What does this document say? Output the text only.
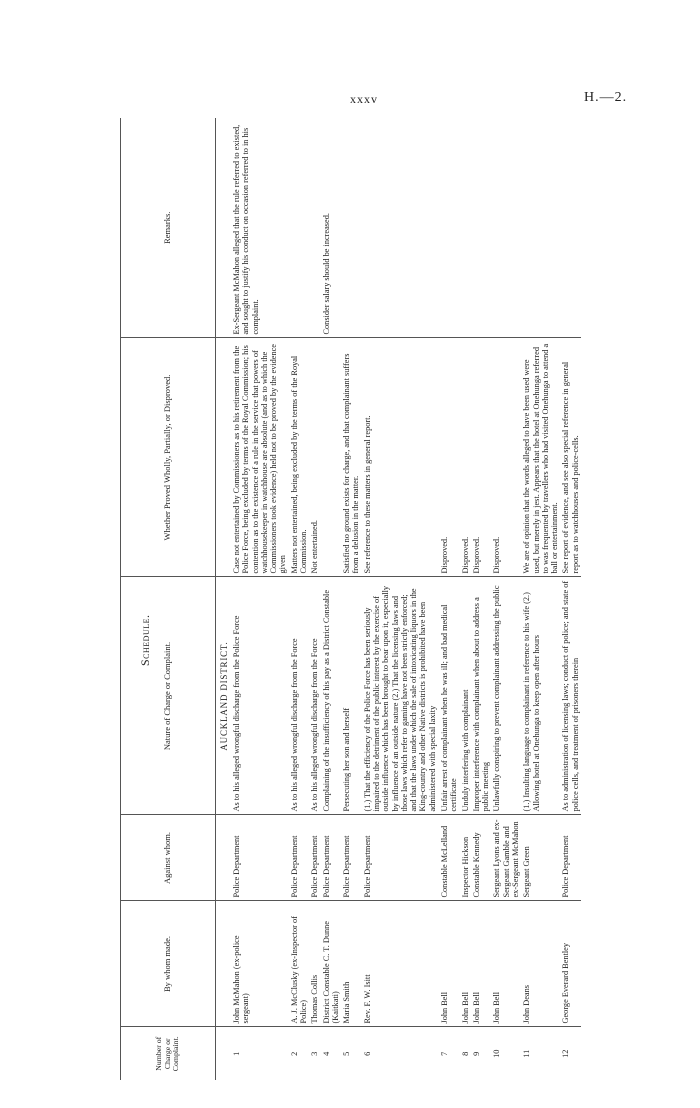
xxxv	H.—2.
Schedule.
Number of Charge or Complaint.	By whom made.	Against whom.	Nature of Charge or Complaint.	Whether Proved Wholly, Partially, or Disproved.	Remarks.
			AUCKLAND DISTRICT.		
1	John McMahon (ex-police sergeant)	Police Department	As to his alleged wrongful discharge from the Police Force	Case not entertained by Commissioners as to his retirement from the Police Force, being excluded by terms of the Royal Commission; his contention as to the existence of a rule in the service that powers of watchhousekeeper in watchhouse are absolute (and as to which the Commissioners took evidence) held not to be proved by the evidence given	Ex-Sergeant McMahon alleged that the rule referred to existed, and sought to justify his conduct on occasion referred to in his complaint.
2	A. J. McClusky (ex-Inspector of Police)	Police Department	As to his alleged wrongful discharge from the Force	Matters not entertained, being excluded by the terms of the Royal Commission.	
3	Thomas Collis	Police Department	As to his alleged wrongful discharge from the Force	Not entertained.	
4	District Constable C. T. Dunne (Kaitkati)	Police Department	Complaining of the insufficiency of his pay as a District Constable		Consider salary should be increased.
5	Maria Smith	Police Department	Persecuting her son and herself	Satisfied no ground exists for charge, and that complainant suffers from a delusion in the matter.	
6	Rev. F. W. Isitt	Police Department	(1.) That the efficiency of the Police Force has been seriously impaired to the detriment of the public interest by the exercise of outside influence which has been brought to bear upon it, especially by influence of an outside nature (2.) That the licensing laws and those laws which refer to gaming have not been strictly enforced; and that the laws under which the sale of intoxicating liquors in the King-country and other Native districts is prohibited have been administered with special laxity	See reference to these matters in general report.	
7	John Bell	Constable McLelland	Unfair arrest of complainant when he was ill; and bad medical certificate	Disproved.	
8	John Bell	Inspector Hickson	Unduly interfering with complainant	Disproved.	
9	John Bell	Constable Kennedy	Improper interference with complainant when about to address a public meeting	Disproved.	
10	John Bell	Sergeant Lyons and ex-Sergeant Gamble and ex-Sergeant McMahon	Unlawfully conspiring to prevent complainant addressing the public	Disproved.	
11	John Deans	Sergeant Green	(1.) Insulting language to complainant in reference to his wife (2.) Allowing hotel at Onehunga to keep open after hours	We are of opinion that the words alleged to have been used were used, but merely in jest. Appears that the hotel at Onehunga referred to was frequented by travellers who had visited Onehunga to attend a ball or entertainment.	
12	George Everard Bentley	Police Department	As to administration of licensing laws; conduct of police; and state of police cells, and treatment of prisoners therein	See report of evidence, and see also special reference in general report as to watchhouses and police-cells.	
